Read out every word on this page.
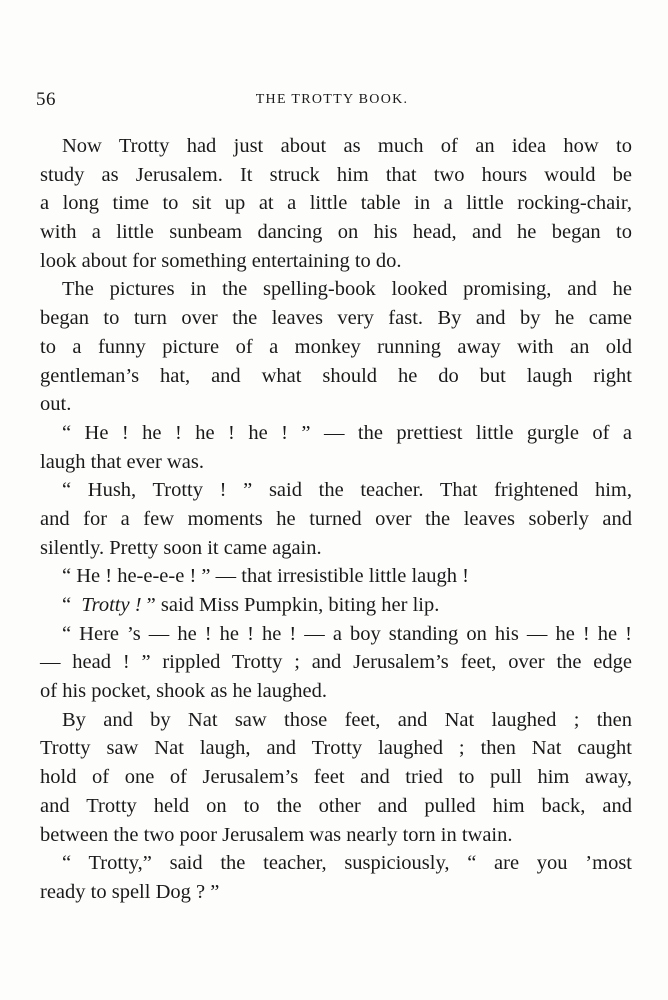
56	THE TROTTY BOOK.
Now Trotty had just about as much of an idea how to
study as Jerusalem. It struck him that two hours would be
a long time to sit up at a little table in a little rocking-chair,
with a little sunbeam dancing on his head, and he began to
look about for something entertaining to do.
The pictures in the spelling-book looked promising, and he
began to turn over the leaves very fast. By and by he came
to a funny picture of a monkey running away with an old
gentleman’s hat, and what should he do but laugh right
out.
“ He ! he ! he ! he ! ” — the prettiest little gurgle of a
laugh that ever was.
“ Hush, Trotty ! ” said the teacher. That frightened him,
and for a few moments he turned over the leaves soberly and
silently. Pretty soon it came again.
“ He ! he-e-e-e ! ” — that irresistible little laugh !
“ Trotty ! ” said Miss Pumpkin, biting her lip.
“ Here ’s — he ! he ! he ! — a boy standing on his — he ! he !
— head ! ” rippled Trotty ; and Jerusalem’s feet, over the edge
of his pocket, shook as he laughed.
By and by Nat saw those feet, and Nat laughed ; then
Trotty saw Nat laugh, and Trotty laughed ; then Nat caught
hold of one of Jerusalem’s feet and tried to pull him away,
and Trotty held on to the other and pulled him back, and
between the two poor Jerusalem was nearly torn in twain.
“ Trotty,” said the teacher, suspiciously, “ are you ’most
ready to spell Dog ? ”
